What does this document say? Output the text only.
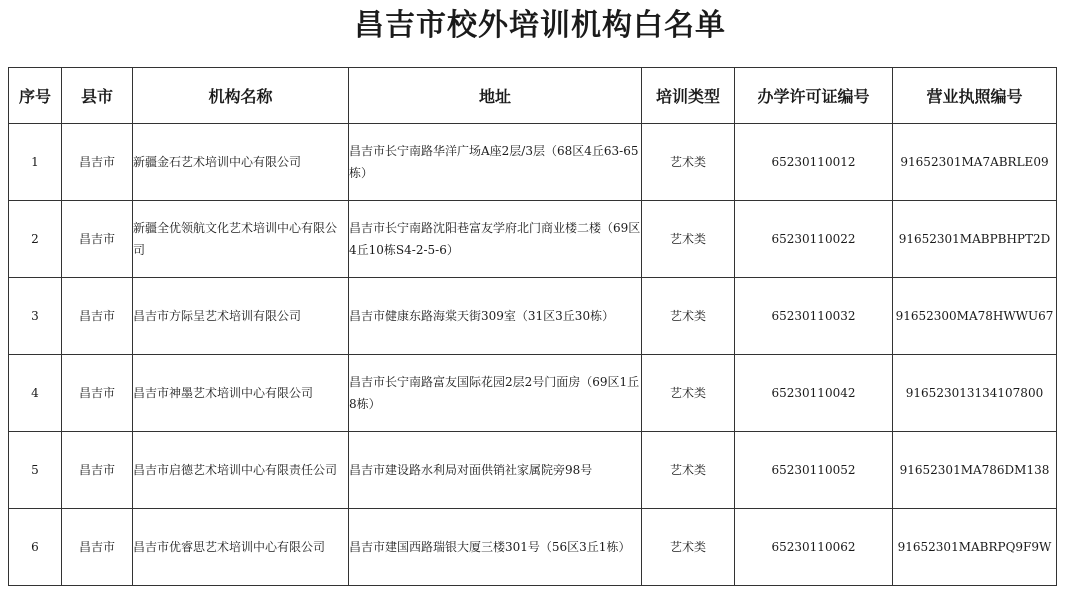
昌吉市校外培训机构白名单
序号	县市	机构名称	地址	培训类型	办学许可证编号	营业执照编号
1	昌吉市	新疆金石艺术培训中心有限公司	昌吉市长宁南路华洋广场A座2层/3层（68区4丘63-65栋）	艺术类	65230110012	91652301MA7ABRLE09
2	昌吉市	新疆全优领航文化艺术培训中心有限公司	昌吉市长宁南路沈阳巷富友学府北门商业楼二楼（69区4丘10栋S4-2-5-6）	艺术类	65230110022	91652301MABPBHPT2D
3	昌吉市	昌吉市方际呈艺术培训有限公司	昌吉市健康东路海棠天街309室（31区3丘30栋）	艺术类	65230110032	91652300MA78HWWU67
4	昌吉市	昌吉市神墨艺术培训中心有限公司	昌吉市长宁南路富友国际花园2层2号门面房（69区1丘8栋）	艺术类	65230110042	916523013134107800
5	昌吉市	昌吉市启德艺术培训中心有限责任公司	昌吉市建设路水利局对面供销社家属院旁98号	艺术类	65230110052	91652301MA786DM138
6	昌吉市	昌吉市优睿思艺术培训中心有限公司	昌吉市建国西路瑞银大厦三楼301号（56区3丘1栋）	艺术类	65230110062	91652301MABRPQ9F9W
